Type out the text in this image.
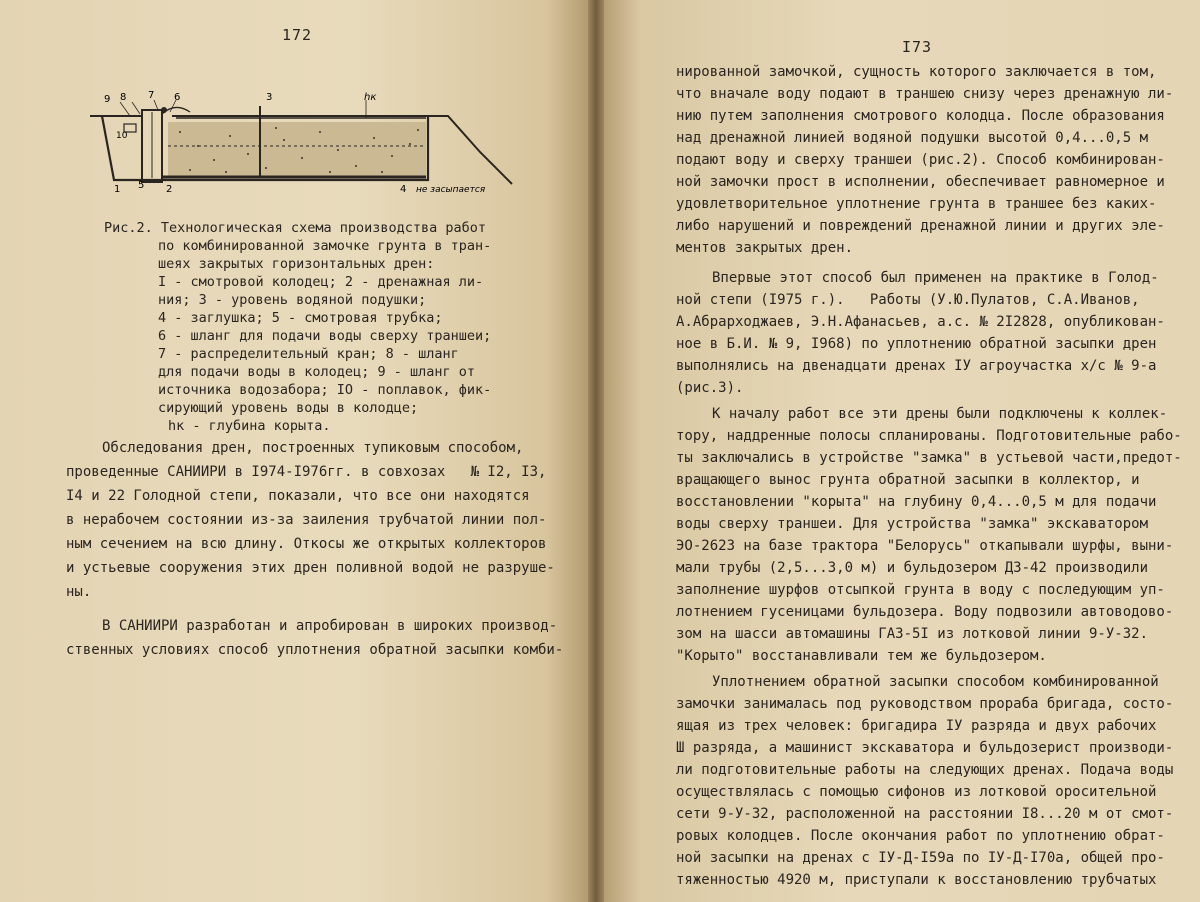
172
9 8 7 6	3	hк
10
1 5 2	4 не засыпается
Рис.2. Технологическая схема производства работ
по комбинированной замочке грунта в тран-
шеях закрытых горизонтальных дрен:
I - смотровой колодец; 2 - дренажная ли-
ния; 3 - уровень водяной подушки;
4 - заглушка; 5 - смотровая трубка;
6 - шланг для подачи воды сверху траншеи;
7 - распределительный кран; 8 - шланг
для подачи воды в колодец; 9 - шланг от
источника водозабора; IO - поплавок, фик-
сирующий уровень воды в колодце;
hк - глубина корыта.
Обследования дрен, построенных тупиковым способом,
проведенные САНИИРИ в I974-I976гг. в совхозах   № I2, I3,
I4 и 22 Голодной степи, показали, что все они находятся
в нерабочем состоянии из-за заиления трубчатой линии пол-
ным сечением на всю длину. Откосы же открытых коллекторов
и устьевые сооружения этих дрен поливной водой не разруше-
ны.
В САНИИРИ разработан и апробирован в широких производ-
ственных условиях способ уплотнения обратной засыпки комби-
I73
нированной замочкой, сущность которого заключается в том,
что вначале воду подают в траншею снизу через дренажную ли-
нию путем заполнения смотрового колодца. После образования
над дренажной линией водяной подушки высотой 0,4...0,5 м
подают воду и сверху траншеи (рис.2). Способ комбинирован-
ной замочки прост в исполнении, обеспечивает равномерное и
удовлетворительное уплотнение грунта в траншее без каких-
либо нарушений и повреждений дренажной линии и других эле-
ментов закрытых дрен.
Впервые этот способ был применен на практике в Голод-
ной степи (I975 г.).   Работы (У.Ю.Пулатов, С.А.Иванов,
А.Абрарходжаев, Э.Н.Афанасьев, а.с. № 2I2828, опубликован-
ное в Б.И. № 9, I968) по уплотнению обратной засыпки дрен
выполнялись на двенадцати дренах IУ агроучастка х/с № 9-а
(рис.3).
К началу работ все эти дрены были подключены к коллек-
тору, наддренные полосы спланированы. Подготовительные рабо-
ты заключались в устройстве "замка" в устьевой части,предот-
вращающего вынос грунта обратной засыпки в коллектор, и
восстановлении "корыта" на глубину 0,4...0,5 м для подачи
воды сверху траншеи. Для устройства "замка" экскаватором
ЭО-2623 на базе трактора "Белорусь" откапывали шурфы, выни-
мали трубы (2,5...3,0 м) и бульдозером ДЗ-42 производили
заполнение шурфов отсыпкой грунта в воду с последующим уп-
лотнением гусеницами бульдозера. Воду подвозили автоводово-
зом на шасси автомашины ГАЗ-5I из лотковой линии 9-У-32.
"Корыто" восстанавливали тем же бульдозером.
Уплотнением обратной засыпки способом комбинированной
замочки занималась под руководством прораба бригада, состо-
ящая из трех человек: бригадира IУ разряда и двух рабочих
Ш разряда, а машинист экскаватора и бульдозерист производи-
ли подготовительные работы на следующих дренах. Подача воды
осуществлялась с помощью сифонов из лотковой оросительной
сети 9-У-32, расположенной на расстоянии I8...20 м от смот-
ровых колодцев. После окончания работ по уплотнению обрат-
ной засыпки на дренах с IУ-Д-I59а по IУ-Д-I70а, общей про-
тяженностью 4920 м, приступали к восстановлению трубчатых
